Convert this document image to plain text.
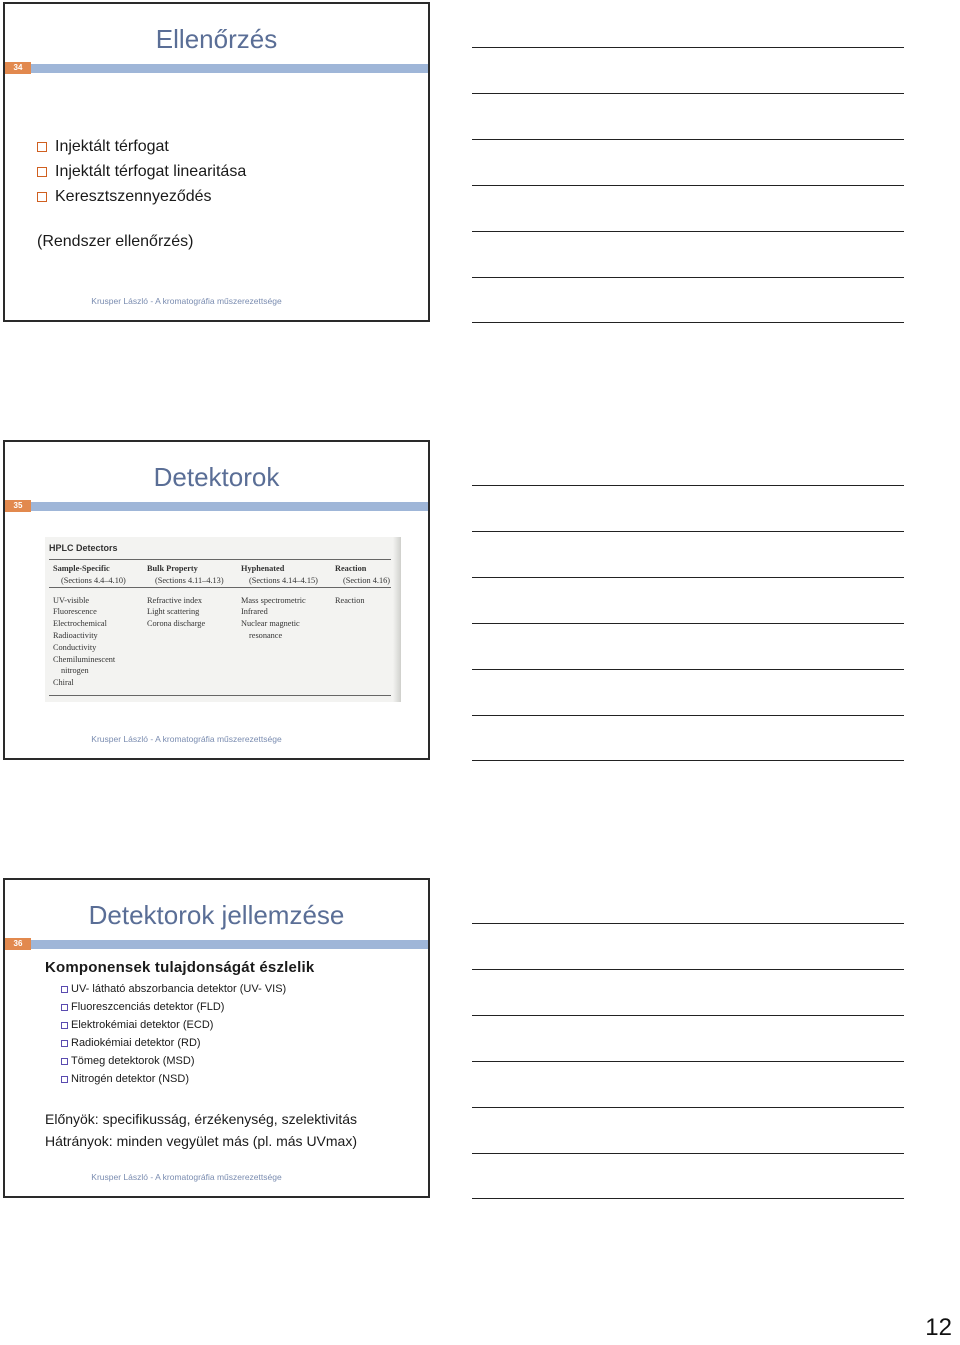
Ellenőrzés
34
Injektált térfogat
Injektált térfogat linearitása
Keresztszennyeződés
(Rendszer ellenőrzés)
Krusper László - A kromatográfia műszerezettsége
Detektorok
35
HPLC Detectors
Sample-Specific
(Sections 4.4–4.10)
UV-visible
Fluorescence
Electrochemical
Radioactivity
Conductivity
Chemiluminescent
nitrogen
Chiral
Bulk Property
(Sections 4.11–4.13)
Refractive index
Light scattering
Corona discharge
Hyphenated
(Sections 4.14–4.15)
Mass spectrometric
Infrared
Nuclear magnetic
resonance
Reaction
(Section 4.16)
Reaction
Krusper László - A kromatográfia műszerezettsége
Detektorok jellemzése
36
Komponensek tulajdonságát észlelik
UV- látható abszorbancia detektor (UV- VIS)
Fluoreszcenciás detektor (FLD)
Elektrokémiai detektor (ECD)
Radiokémiai detektor (RD)
Tömeg detektorok (MSD)
Nitrogén detektor (NSD)
Előnyök: specifikusság, érzékenység, szelektivitás
Hátrányok: minden vegyület más (pl. más UVmax)
Krusper László - A kromatográfia műszerezettsége
12
